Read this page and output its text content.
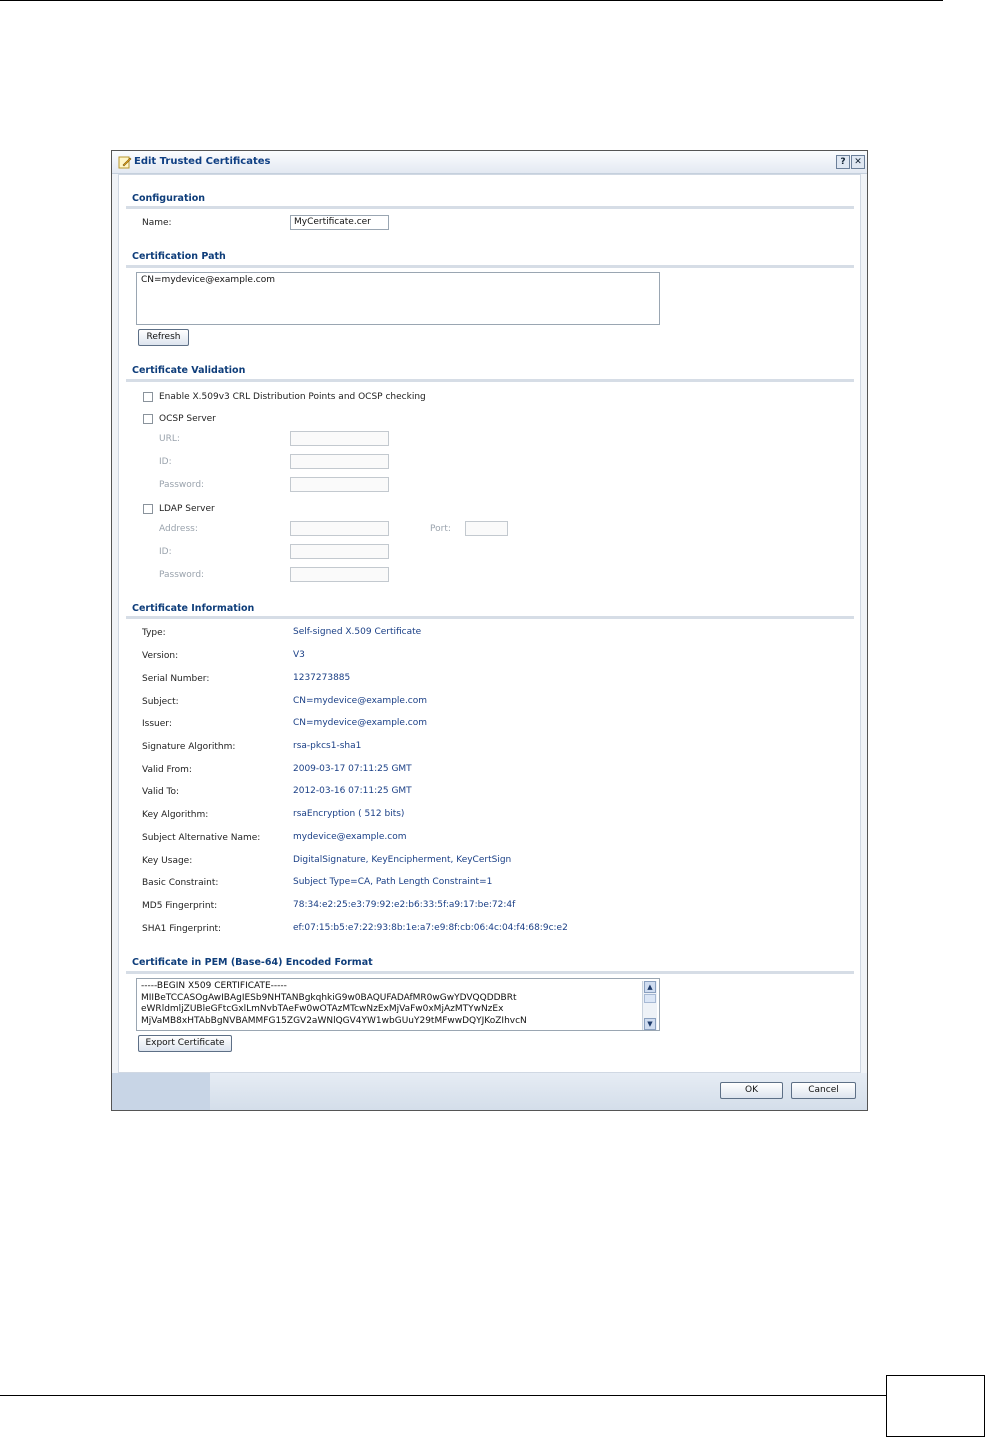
Edit Trusted Certificates	? ✕
Configuration
Name:	MyCertificate.cer
Certification Path
CN=mydevice@example.com
Refresh
Certificate Validation
Enable X.509v3 CRL Distribution Points and OCSP checking
OCSP Server
URL:
ID:
Password:
LDAP Server
Address:	Port:
ID:
Password:
Certificate Information
Type:	Self-signed X.509 Certificate
Version:	V3
Serial Number:	1237273885
Subject:	CN=mydevice@example.com
Issuer:	CN=mydevice@example.com
Signature Algorithm:	rsa-pkcs1-sha1
Valid From:	2009-03-17 07:11:25 GMT
Valid To:	2012-03-16 07:11:25 GMT
Key Algorithm:	rsaEncryption ( 512 bits)
Subject Alternative Name:	mydevice@example.com
Key Usage:	DigitalSignature, KeyEncipherment, KeyCertSign
Basic Constraint:	Subject Type=CA, Path Length Constraint=1
MD5 Fingerprint:	78:34:e2:25:e3:79:92:e2:b6:33:5f:a9:17:be:72:4f
SHA1 Fingerprint:	ef:07:15:b5:e7:22:93:8b:1e:a7:e9:8f:cb:06:4c:04:f4:68:9c:e2
Certificate in PEM (Base-64) Encoded Format
-----BEGIN X509 CERTIFICATE-----
MIIBeTCCASOgAwIBAgIESb9NHTANBgkqhkiG9w0BAQUFADAfMR0wGwYDVQQDDBRt
eWRldmljZUBleGFtcGxlLmNvbTAeFw0wOTAzMTcwNzExMjVaFw0xMjAzMTYwNzEx
MjVaMB8xHTAbBgNVBAMMFG15ZGV2aWNlQGV4YW1wbGUuY29tMFwwDQYJKoZIhvcN
▲
▼
Export Certificate
OK	Cancel
